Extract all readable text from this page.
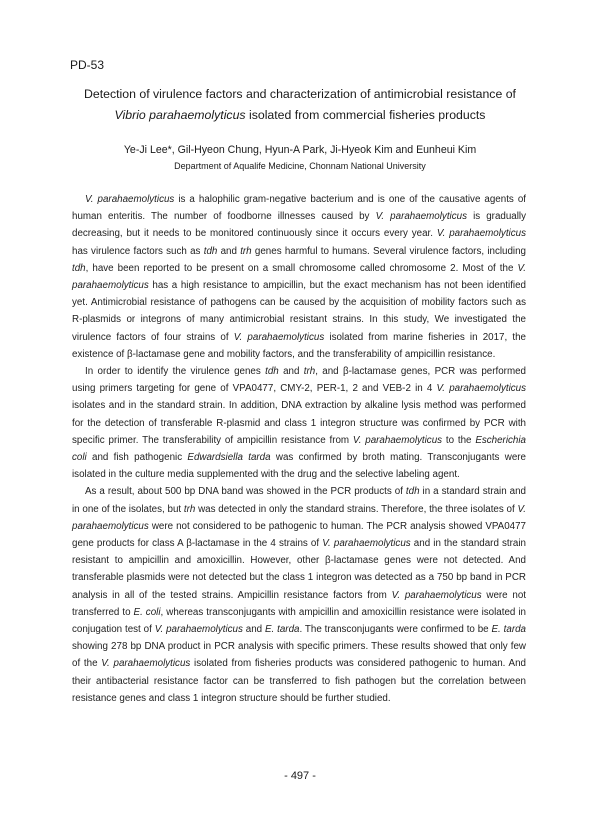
PD-53
Detection of virulence factors and characterization of antimicrobial resistance of
Vibrio parahaemolyticus isolated from commercial fisheries products
Ye-Ji Lee*, Gil-Hyeon Chung, Hyun-A Park, Ji-Hyeok Kim and Eunheui Kim
Department of Aqualife Medicine, Chonnam National University

V. parahaemolyticus is a halophilic gram-negative bacterium and is one of the causative agents of human enteritis. The number of foodborne illnesses caused by V. parahaemolyticus is gradually decreasing, but it needs to be monitored continuously since it occurs every year. V. parahaemolyticus has virulence factors such as tdh and trh genes harmful to humans. Several virulence factors, including tdh, have been reported to be present on a small chromosome called chromosome 2. Most of the V. parahaemolyticus has a high resistance to ampicillin, but the exact mechanism has not been identified yet. Antimicrobial resistance of pathogens can be caused by the acquisition of mobility factors such as R-plasmids or integrons of many antimicrobial resistant strains. In this study, We investigated the virulence factors of four strains of V. parahaemolyticus isolated from marine fisheries in 2017, the existence of β-lactamase gene and mobility factors, and the transferability of ampicillin resistance.

In order to identify the virulence genes tdh and trh, and β-lactamase genes, PCR was performed using primers targeting for gene of VPA0477, CMY-2, PER-1, 2 and VEB-2 in 4 V. parahaemolyticus isolates and in the standard strain. In addition, DNA extraction by alkaline lysis method was performed for the detection of transferable R-plasmid and class 1 integron structure was confirmed by PCR with specific primer. The transferability of ampicillin resistance from V. parahaemolyticus to the Escherichia coli and fish pathogenic Edwardsiella tarda was confirmed by broth mating. Transconjugants were isolated in the culture media supplemented with the drug and the selective labeling agent.

As a result, about 500 bp DNA band was showed in the PCR products of tdh in a standard strain and in one of the isolates, but trh was detected in only the standard strains. Therefore, the three isolates of V. parahaemolyticus were not considered to be pathogenic to human. The PCR analysis showed VPA0477 gene products for class A β-lactamase in the 4 strains of V. parahaemolyticus and in the standard strain resistant to ampicillin and amoxicillin. However, other β-lactamase genes were not detected. And transferable plasmids were not detected but the class 1 integron was detected as a 750 bp band in PCR analysis in all of the tested strains. Ampicillin resistance factors from V. parahaemolyticus were not transferred to E. coli, whereas transconjugants with ampicillin and amoxicillin resistance were isolated in conjugation test of V. parahaemolyticus and E. tarda. The transconjugants were confirmed to be E. tarda showing 278 bp DNA product in PCR analysis with specific primers. These results showed that only few of the V. parahaemolyticus isolated from fisheries products was considered pathogenic to human. And their antibacterial resistance factor can be transferred to fish pathogen but the correlation between resistance genes and class 1 integron structure should be further studied.

- 497 -
